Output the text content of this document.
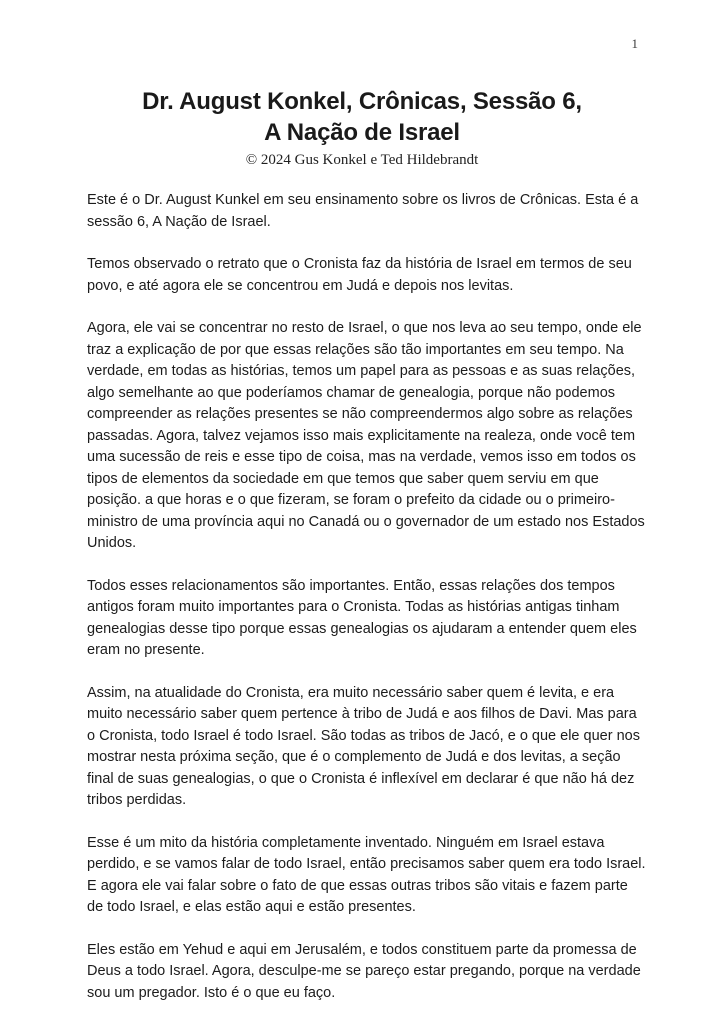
1
Dr. August Konkel, Crônicas, Sessão 6,
A Nação de Israel
© 2024 Gus Konkel e Ted Hildebrandt

Este é o Dr. August Kunkel em seu ensinamento sobre os livros de Crônicas. Esta é a sessão 6, A Nação de Israel.

Temos observado o retrato que o Cronista faz da história de Israel em termos de seu povo, e até agora ele se concentrou em Judá e depois nos levitas.

Agora, ele vai se concentrar no resto de Israel, o que nos leva ao seu tempo, onde ele traz a explicação de por que essas relações são tão importantes em seu tempo. Na verdade, em todas as histórias, temos um papel para as pessoas e as suas relações, algo semelhante ao que poderíamos chamar de genealogia, porque não podemos compreender as relações presentes se não compreendermos algo sobre as relações passadas. Agora, talvez vejamos isso mais explicitamente na realeza, onde você tem uma sucessão de reis e esse tipo de coisa, mas na verdade, vemos isso em todos os tipos de elementos da sociedade em que temos que saber quem serviu em que posição. a que horas e o que fizeram, se foram o prefeito da cidade ou o primeiro-ministro de uma província aqui no Canadá ou o governador de um estado nos Estados Unidos.

Todos esses relacionamentos são importantes. Então, essas relações dos tempos antigos foram muito importantes para o Cronista. Todas as histórias antigas tinham genealogias desse tipo porque essas genealogias os ajudaram a entender quem eles eram no presente.

Assim, na atualidade do Cronista, era muito necessário saber quem é levita, e era muito necessário saber quem pertence à tribo de Judá e aos filhos de Davi. Mas para o Cronista, todo Israel é todo Israel. São todas as tribos de Jacó, e o que ele quer nos mostrar nesta próxima seção, que é o complemento de Judá e dos levitas, a seção final de suas genealogias, o que o Cronista é inflexível em declarar é que não há dez tribos perdidas.

Esse é um mito da história completamente inventado. Ninguém em Israel estava perdido, e se vamos falar de todo Israel, então precisamos saber quem era todo Israel. E agora ele vai falar sobre o fato de que essas outras tribos são vitais e fazem parte de todo Israel, e elas estão aqui e estão presentes.

Eles estão em Yehud e aqui em Jerusalém, e todos constituem parte da promessa de Deus a todo Israel. Agora, desculpe-me se pareço estar pregando, porque na verdade sou um pregador. Isto é o que eu faço.
